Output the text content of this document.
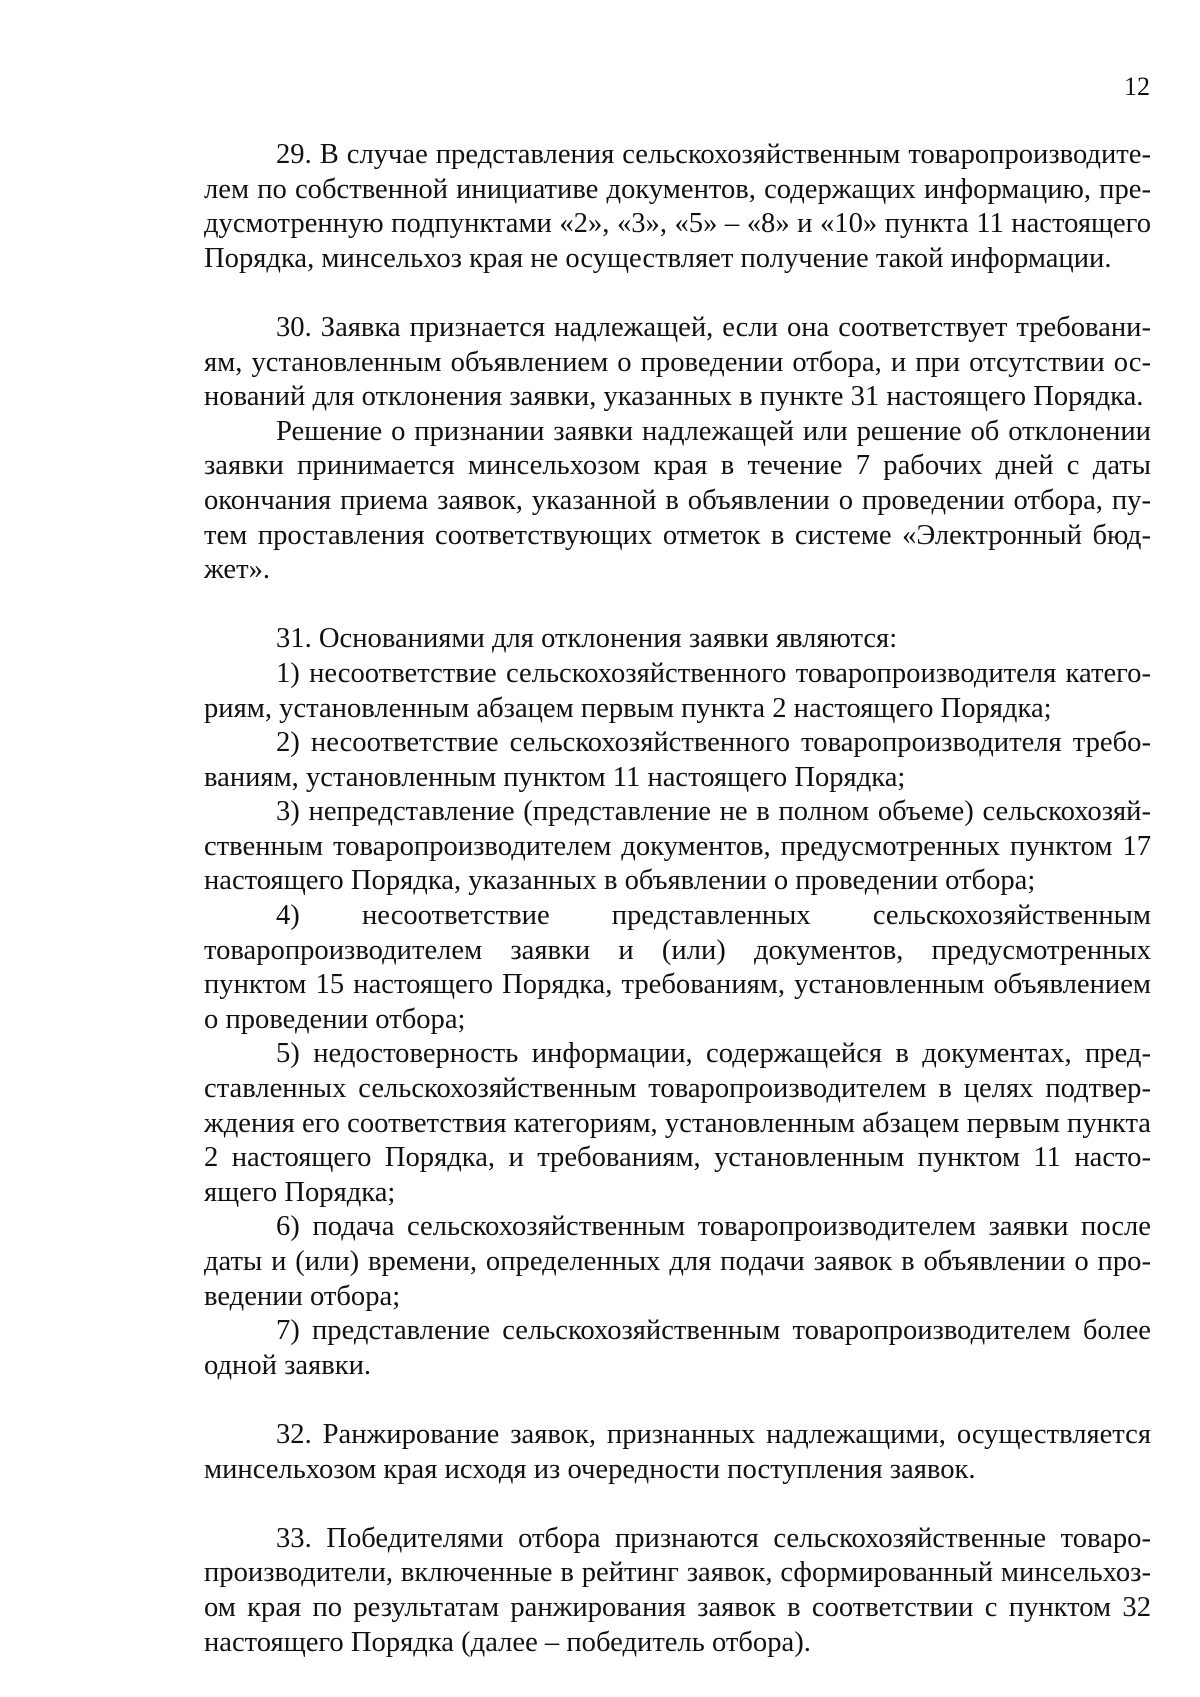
12

29. В случае представления сельскохозяйственным товаропроизводителем по собственной инициативе документов, содержащих информацию, предусмотренную подпунктами «2», «3», «5» – «8» и «10» пункта 11 настоящего Порядка, минсельхоз края не осуществляет получение такой информации.

30. Заявка признается надлежащей, если она соответствует требованиям, установленным объявлением о проведении отбора, и при отсутствии оснований для отклонения заявки, указанных в пункте 31 настоящего Порядка.

Решение о признании заявки надлежащей или решение об отклонении заявки принимается минсельхозом края в течение 7 рабочих дней с даты окончания приема заявок, указанной в объявлении о проведении отбора, путем проставления соответствующих отметок в системе «Электронный бюджет».

31. Основаниями для отклонения заявки являются:

1) несоответствие сельскохозяйственного товаропроизводителя категориям, установленным абзацем первым пункта 2 настоящего Порядка;

2) несоответствие сельскохозяйственного товаропроизводителя требованиям, установленным пунктом 11 настоящего Порядка;

3) непредставление (представление не в полном объеме) сельскохозяйственным товаропроизводителем документов, предусмотренных пунктом 17 настоящего Порядка, указанных в объявлении о проведении отбора;

4) несоответствие представленных сельскохозяйственным товаропроизводителем заявки и (или) документов, предусмотренных пунктом 15 настоящего Порядка, требованиям, установленным объявлением о проведении отбора;

5) недостоверность информации, содержащейся в документах, представленных сельскохозяйственным товаропроизводителем в целях подтверждения его соответствия категориям, установленным абзацем первым пункта 2 настоящего Порядка, и требованиям, установленным пунктом 11 настоящего Порядка;

6) подача сельскохозяйственным товаропроизводителем заявки после даты и (или) времени, определенных для подачи заявок в объявлении о проведении отбора;

7) представление сельскохозяйственным товаропроизводителем более одной заявки.

32. Ранжирование заявок, признанных надлежащими, осуществляется минсельхозом края исходя из очередности поступления заявок.

33. Победителями отбора признаются сельскохозяйственные товаропроизводители, включенные в рейтинг заявок, сформированный минсельхозом края по результатам ранжирования заявок в соответствии с пунктом 32 настоящего Порядка (далее – победитель отбора).
